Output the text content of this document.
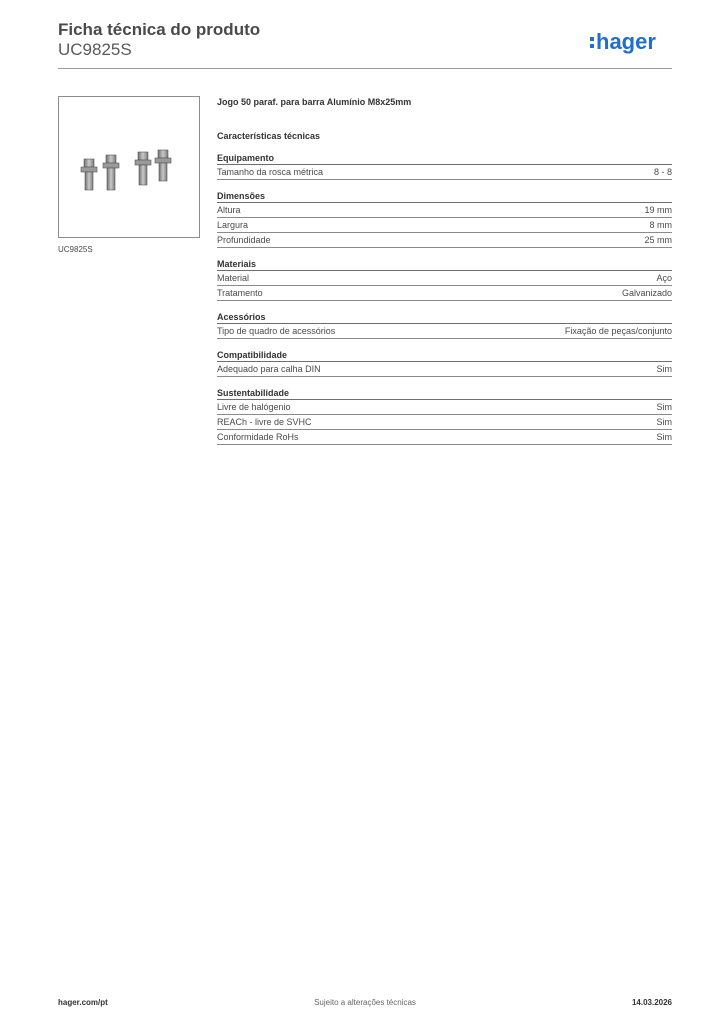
Ficha técnica do produto
UC9825S	hager
UC9825S
Jogo 50 paraf. para barra Alumínio M8x25mm
Características técnicas
Equipamento
Tamanho da rosca métrica	8 - 8
Dimensões
Altura	19 mm
Largura	8 mm
Profundidade	25 mm
Materiais
Material	Aço
Tratamento	Galvanizado
Acessórios
Tipo de quadro de acessórios	Fixação de peças/conjunto
Compatibilidade
Adequado para calha DIN	Sim
Sustentabilidade
Livre de halógenio	Sim
REACh - livre de SVHC	Sim
Conformidade RoHs	Sim
hager.com/pt	Sujeito a alterações técnicas	14.03.2026
